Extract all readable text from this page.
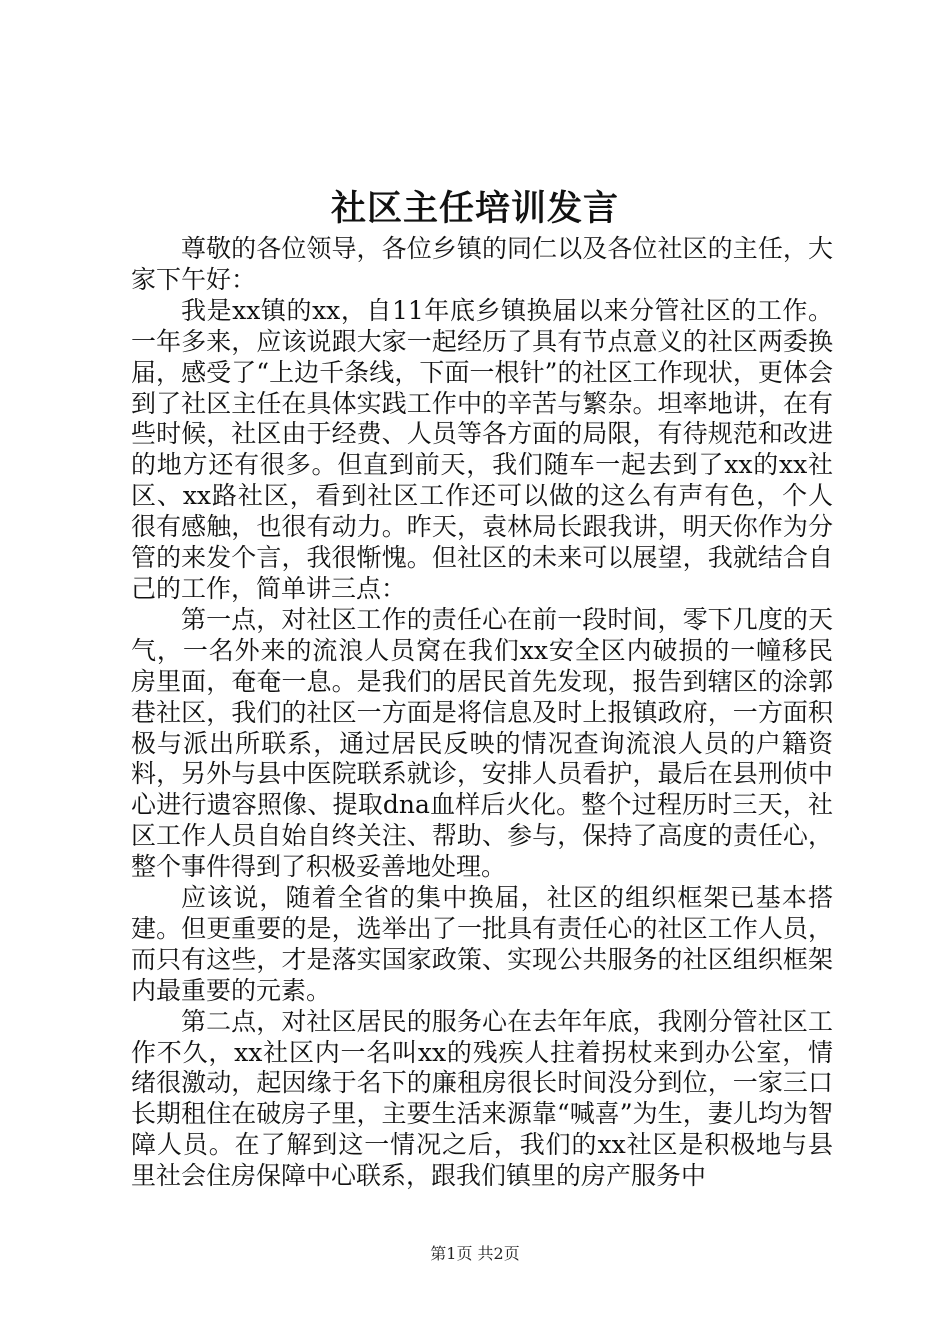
社区主任培训发言

尊敬的各位领导，各位乡镇的同仁以及各位社区的主任，大家下午好：

我是xx镇的xx，自11年底乡镇换届以来分管社区的工作。一年多来，应该说跟大家一起经历了具有节点意义的社区两委换届，感受了“上边千条线，下面一根针”的社区工作现状，更体会到了社区主任在具体实践工作中的辛苦与繁杂。坦率地讲，在有些时候，社区由于经费、人员等各方面的局限，有待规范和改进的地方还有很多。但直到前天，我们随车一起去到了xx的xx社区、xx路社区，看到社区工作还可以做的这么有声有色，个人很有感触，也很有动力。昨天，袁林局长跟我讲，明天你作为分管的来发个言，我很惭愧。但社区的未来可以展望，我就结合自己的工作，简单讲三点：

第一点，对社区工作的责任心在前一段时间，零下几度的天气，一名外来的流浪人员窝在我们xx安全区内破损的一幢移民房里面，奄奄一息。是我们的居民首先发现，报告到辖区的涂郭巷社区，我们的社区一方面是将信息及时上报镇政府，一方面积极与派出所联系，通过居民反映的情况查询流浪人员的户籍资料，另外与县中医院联系就诊，安排人员看护，最后在县刑侦中心进行遗容照像、提取dna血样后火化。整个过程历时三天，社区工作人员自始自终关注、帮助、参与，保持了高度的责任心，整个事件得到了积极妥善地处理。

应该说，随着全省的集中换届，社区的组织框架已基本搭建。但更重要的是，选举出了一批具有责任心的社区工作人员，而只有这些，才是落实国家政策、实现公共服务的社区组织框架内最重要的元素。

第二点，对社区居民的服务心在去年年底，我刚分管社区工作不久，xx社区内一名叫xx的残疾人拄着拐杖来到办公室，情绪很激动，起因缘于名下的廉租房很长时间没分到位，一家三口长期租住在破房子里，主要生活来源靠“喊喜”为生，妻儿均为智障人员。在了解到这一情况之后，我们的xx社区是积极地与县里社会住房保障中心联系，跟我们镇里的房产服务中

第1页 共2页
